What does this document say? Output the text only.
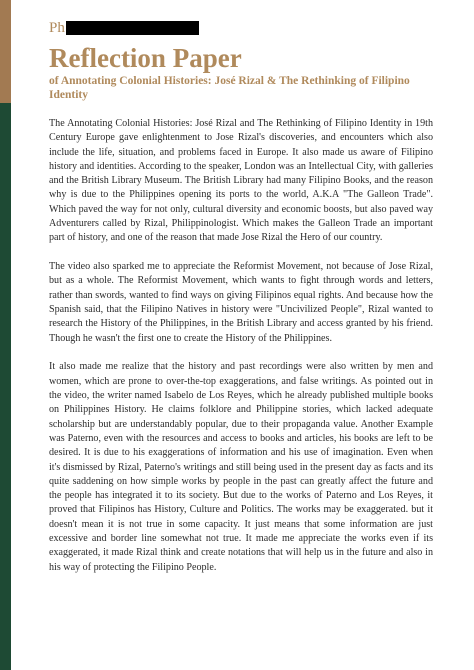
Ph
Reflection Paper
of Annotating Colonial Histories: José Rizal & The Rethinking of Filipino Identity

The Annotating Colonial Histories: José Rizal and The Rethinking of Filipino Identity in 19th Century Europe gave enlightenment to Jose Rizal's discoveries, and encounters which also include the life, situation, and problems faced in Europe. It also made us aware of Filipino history and identities. According to the speaker, London was an Intellectual City, with galleries and the British Library Museum. The British Library had many Filipino Books, and the reason why is due to the Philippines opening its ports to the world, A.K.A "The Galleon Trade". Which paved the way for not only, cultural diversity and economic boosts, but also paved way Adventurers called by Rizal, Philippinologist. Which makes the Galleon Trade an important part of history, and one of the reason that made Jose Rizal the Hero of our country.

The video also sparked me to appreciate the Reformist Movement, not because of Jose Rizal, but as a whole. The Reformist Movement, which wants to fight through words and letters, rather than swords, wanted to find ways on giving Filipinos equal rights. And because how the Spanish said, that the Filipino Natives in history were "Uncivilized People", Rizal wanted to research the History of the Philippines, in the British Library and access granted by his friend. Though he wasn't the first one to create the History of the Philippines.

It also made me realize that the history and past recordings were also written by men and women, which are prone to over-the-top exaggerations, and false writings. As pointed out in the video, the writer named Isabelo de Los Reyes, which he already published multiple books on Philippines History. He claims folklore and Philippine stories, which lacked adequate scholarship but are understandably popular, due to their propaganda value. Another Example was Paterno, even with the resources and access to books and articles, his books are left to be desired. It is due to his exaggerations of information and his use of imagination. Even when it's dismissed by Rizal, Paterno's writings and still being used in the present day as facts and its quite saddening on how simple works by people in the past can greatly affect the future and the people has integrated it to its society. But due to the works of Paterno and Los Reyes, it proved that Filipinos has History, Culture and Politics. The works may be exaggerated. but it doesn't mean it is not true in some capacity. It just means that some information are just excessive and border line somewhat not true. It made me appreciate the works even if its exaggerated, it made Rizal think and create notations that will help us in the future and also in his way of protecting the Filipino People.
